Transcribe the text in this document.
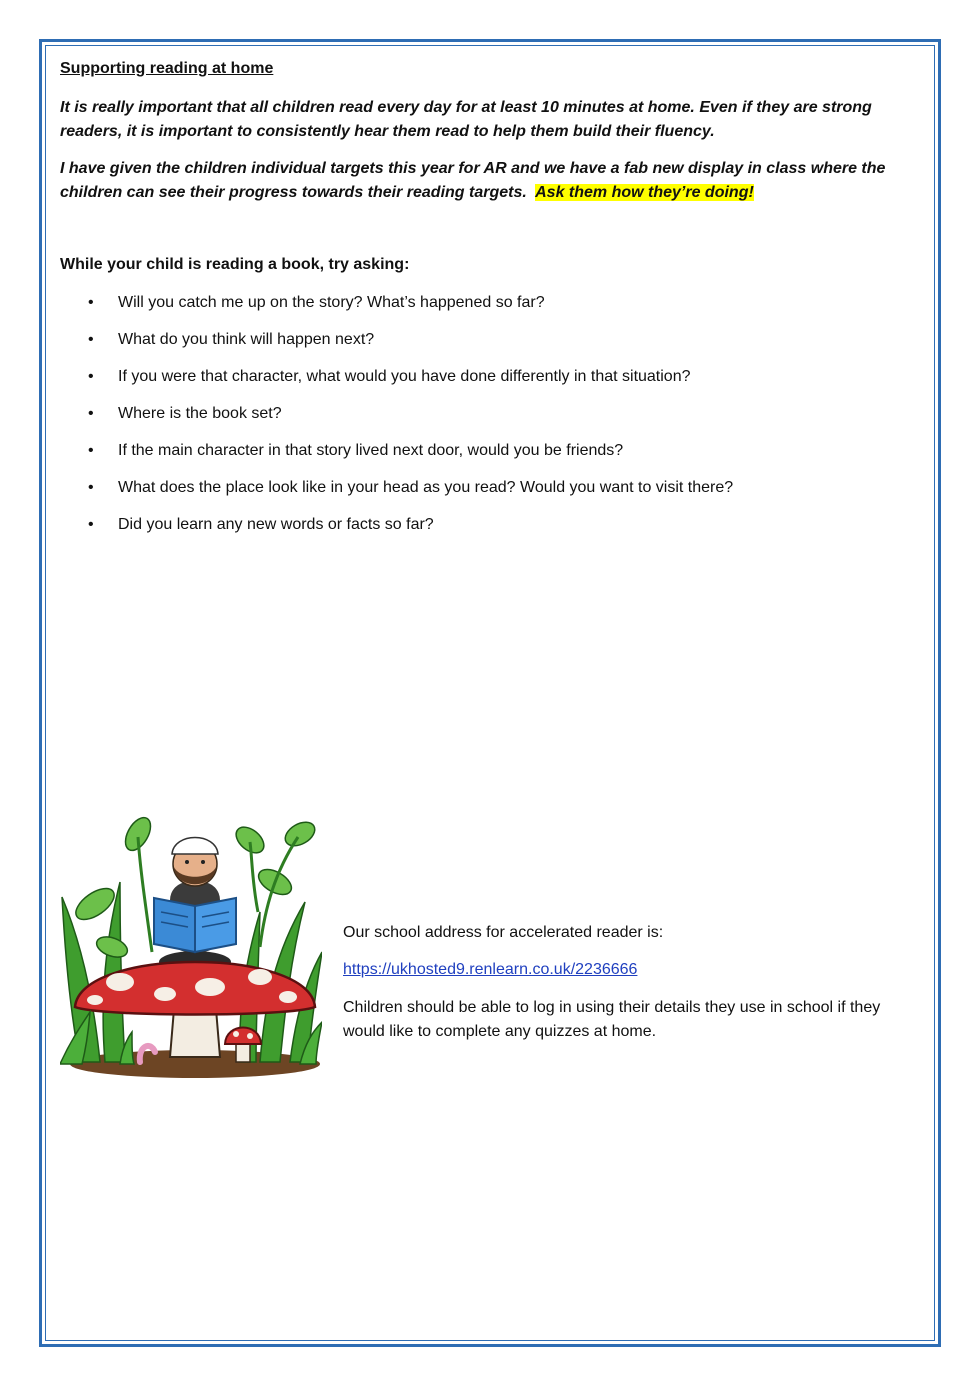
Supporting reading at home
It is really important that all children read every day for at least 10 minutes at home. Even if they are strong readers, it is important to consistently hear them read to help them build their fluency.
I have given the children individual targets this year for AR and we have a fab new display in class where the children can see their progress towards their reading targets. Ask them how they’re doing!
While your child is reading a book, try asking:
• Will you catch me up on the story? What’s happened so far?
• What do you think will happen next?
• If you were that character, what would you have done differently in that situation?
• Where is the book set?
• If the main character in that story lived next door, would you be friends?
• What does the place look like in your head as you read? Would you want to visit there?
• Did you learn any new words or facts so far?
Our school address for accelerated reader is:
https://ukhosted9.renlearn.co.uk/2236666
Children should be able to log in using their details they use in school if they would like to complete any quizzes at home.
